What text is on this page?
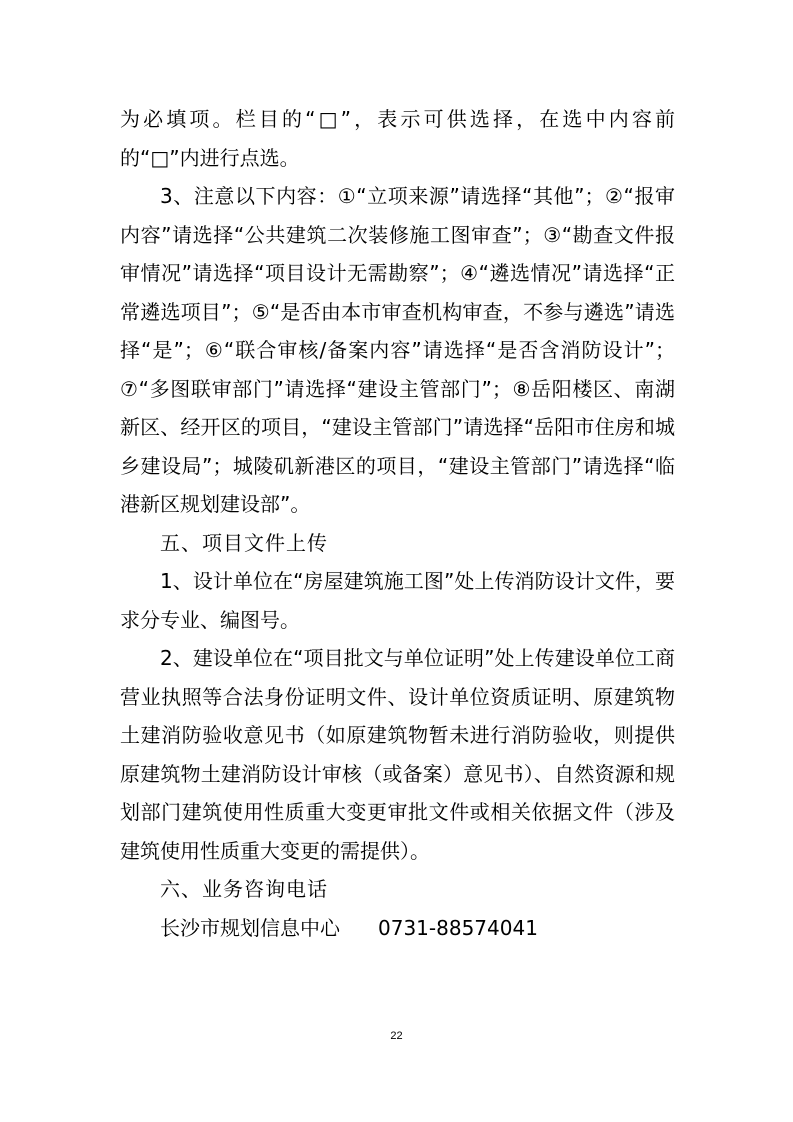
为必填项。栏目的“□”，表示可供选择，在选中内容前的“□”内进行点选。

3、注意以下内容：①“立项来源”请选择“其他”；②“报审内容”请选择“公共建筑二次装修施工图审查”；③“勘查文件报审情况”请选择“项目设计无需勘察”；④“遴选情况”请选择“正常遴选项目”；⑤“是否由本市审查机构审查，不参与遴选”请选择“是”；⑥“联合审核/备案内容”请选择“是否含消防设计”；⑦“多图联审部门”请选择“建设主管部门”；⑧岳阳楼区、南湖新区、经开区的项目，“建设主管部门”请选择“岳阳市住房和城乡建设局”；城陵矶新港区的项目，“建设主管部门”请选择“临港新区规划建设部”。

五、项目文件上传

1、设计单位在“房屋建筑施工图”处上传消防设计文件，要求分专业、编图号。

2、建设单位在“项目批文与单位证明”处上传建设单位工商营业执照等合法身份证明文件、设计单位资质证明、原建筑物土建消防验收意见书（如原建筑物暂未进行消防验收，则提供原建筑物土建消防设计审核（或备案）意见书）、自然资源和规划部门建筑使用性质重大变更审批文件或相关依据文件（涉及建筑使用性质重大变更的需提供）。

六、业务咨询电话

长沙市规划信息中心 0731-88574041

22
